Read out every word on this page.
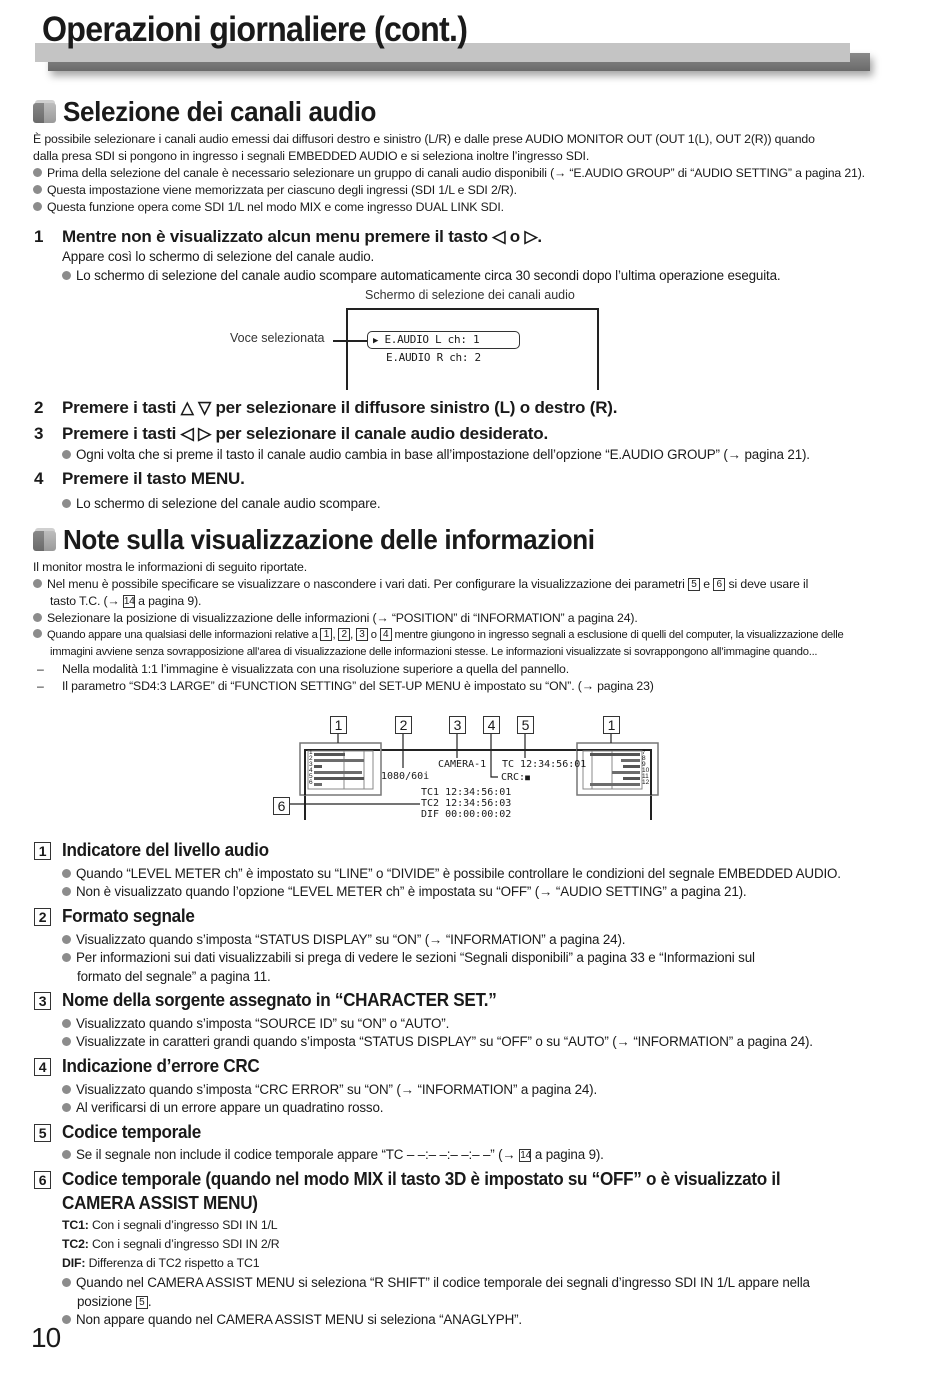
Operazioni giornaliere (cont.)
Selezione dei canali audio
È possibile selezionare i canali audio emessi dai diffusori destro e sinistro (L/R) e dalle prese AUDIO MONITOR OUT (OUT 1(L), OUT 2(R)) quando
dalla presa SDI si pongono in ingresso i segnali EMBEDDED AUDIO e si seleziona inoltre l’ingresso SDI.
Prima della selezione del canale è necessario selezionare un gruppo di canali audio disponibili (→ “E.AUDIO GROUP” di “AUDIO SETTING” a pagina 21).
Questa impostazione viene memorizzata per ciascuno degli ingressi (SDI 1/L e SDI 2/R).
Questa funzione opera come SDI 1/L nel modo MIX e come ingresso DUAL LINK SDI.
1 Mentre non è visualizzato alcun menu premere il tasto ◁ o ▷.
Appare così lo schermo di selezione del canale audio.
Lo schermo di selezione del canale audio scompare automaticamente circa 30 secondi dopo l’ultima operazione eseguita.
Schermo di selezione dei canali audio
Voce selezionata	▶ E.AUDIO L ch: 1
E.AUDIO R ch: 2
2 Premere i tasti △ ▽ per selezionare il diffusore sinistro (L) o destro (R).
3 Premere i tasti ◁ ▷ per selezionare il canale audio desiderato.
Ogni volta che si preme il tasto il canale audio cambia in base all’impostazione dell’opzione “E.AUDIO GROUP” (→ pagina 21).
4 Premere il tasto MENU.
Lo schermo di selezione del canale audio scompare.
Note sulla visualizzazione delle informazioni
Il monitor mostra le informazioni di seguito riportate.
Nel menu è possibile specificare se visualizzare o nascondere i vari dati. Per configurare la visualizzazione dei parametri 5 e 6 si deve usare il
tasto T.C. (→ 14 a pagina 9).
Selezionare la posizione di visualizzazione delle informazioni (→ “POSITION” di “INFORMATION” a pagina 24).
Quando appare una qualsiasi delle informazioni relative a 1 , 2 , 3 o 4 mentre giungono in ingresso segnali a esclusione di quelli del computer, la visualizzazione delle
immagini avviene senza sovrapposizione all’area di visualizzazione delle informazioni stesse. Le informazioni visualizzate si sovrappongono all’immagine quando...
– Nella modalità 1:1 l’immagine è visualizzata con una risoluzione superiore a quella del pannello.
– Il parametro “SD4:3 LARGE” di “FUNCTION SETTING” del SET-UP MENU è impostato su “ON”. (→ pagina 23)
1	2	3	4	5	1
6
1080/60i
CAMERA-1 TC 12:34:56:01
CRC:■
TC1 12:34:56:01
TC2 12:34:56:03
DIF 00:00:00:02
1
2
3
4
5
6
7
8
9
10
11
12
1 Indicatore del livello audio
Quando “LEVEL METER ch” è impostato su “LINE” o “DIVIDE” è possibile controllare le condizioni del segnale EMBEDDED AUDIO.
Non è visualizzato quando l’opzione “LEVEL METER ch” è impostata su “OFF” (→ “AUDIO SETTING” a pagina 21).
2 Formato segnale
Visualizzato quando s’imposta “STATUS DISPLAY” su “ON” (→ “INFORMATION” a pagina 24).
Per informazioni sui dati visualizzabili si prega di vedere le sezioni “Segnali disponibili” a pagina 33 e “Informazioni sul
formato del segnale” a pagina 11.
3 Nome della sorgente assegnato in “CHARACTER SET.”
Visualizzato quando s’imposta “SOURCE ID” su “ON” o “AUTO”.
Visualizzate in caratteri grandi quando s’imposta “STATUS DISPLAY” su “OFF” o su “AUTO” (→ “INFORMATION” a pagina 24).
4 Indicazione d’errore CRC
Visualizzato quando s’imposta “CRC ERROR” su “ON” (→ “INFORMATION” a pagina 24).
Al verificarsi di un errore appare un quadratino rosso.
5 Codice temporale
Se il segnale non include il codice temporale appare “TC – –:– –:– –:– –” (→ 14 a pagina 9).
6 Codice temporale (quando nel modo MIX il tasto 3D è impostato su “OFF” o è visualizzato il
CAMERA ASSIST MENU)
TC1: Con i segnali d’ingresso SDI IN 1/L
TC2: Con i segnali d’ingresso SDI IN 2/R
DIF: Differenza di TC2 rispetto a TC1
Quando nel CAMERA ASSIST MENU si seleziona “R SHIFT” il codice temporale dei segnali d’ingresso SDI IN 1/L appare nella
posizione 5 .
Non appare quando nel CAMERA ASSIST MENU si seleziona “ANAGLYPH”.
10
